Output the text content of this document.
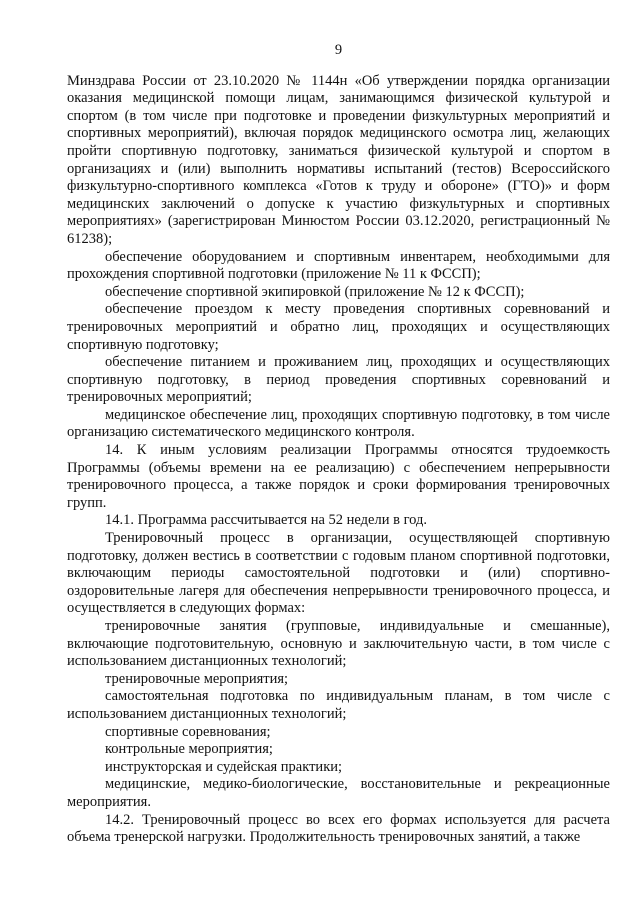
9

Минздрава России от 23.10.2020 № 1144н «Об утверждении порядка организации оказания медицинской помощи лицам, занимающимся физической культурой и спортом (в том числе при подготовке и проведении физкультурных мероприятий и спортивных мероприятий), включая порядок медицинского осмотра лиц, желающих пройти спортивную подготовку, заниматься физической культурой и спортом в организациях и (или) выполнить нормативы испытаний (тестов) Всероссийского физкультурно-спортивного комплекса «Готов к труду и обороне» (ГТО)» и форм медицинских заключений о допуске к участию физкультурных и спортивных мероприятиях» (зарегистрирован Минюстом России 03.12.2020, регистрационный № 61238);

обеспечение оборудованием и спортивным инвентарем, необходимыми для прохождения спортивной подготовки (приложение № 11 к ФССП);

обеспечение спортивной экипировкой (приложение № 12 к ФССП);

обеспечение проездом к месту проведения спортивных соревнований и тренировочных мероприятий и обратно лиц, проходящих и осуществляющих спортивную подготовку;

обеспечение питанием и проживанием лиц, проходящих и осуществляющих спортивную подготовку, в период проведения спортивных соревнований и тренировочных мероприятий;

медицинское обеспечение лиц, проходящих спортивную подготовку, в том числе организацию систематического медицинского контроля.

14. К иным условиям реализации Программы относятся трудоемкость Программы (объемы времени на ее реализацию) с обеспечением непрерывности тренировочного процесса, а также порядок и сроки формирования тренировочных групп.

14.1. Программа рассчитывается на 52 недели в год.

Тренировочный процесс в организации, осуществляющей спортивную подготовку, должен вестись в соответствии с годовым планом спортивной подготовки, включающим периоды самостоятельной подготовки и (или) спортивно-оздоровительные лагеря для обеспечения непрерывности тренировочного процесса, и осуществляется в следующих формах:

тренировочные занятия (групповые, индивидуальные и смешанные), включающие подготовительную, основную и заключительную части, в том числе с использованием дистанционных технологий;

тренировочные мероприятия;

самостоятельная подготовка по индивидуальным планам, в том числе с использованием дистанционных технологий;

спортивные соревнования;

контрольные мероприятия;

инструкторская и судейская практики;

медицинские, медико-биологические, восстановительные и рекреационные мероприятия.

14.2. Тренировочный процесс во всех его формах используется для расчета объема тренерской нагрузки. Продолжительность тренировочных занятий, а также
